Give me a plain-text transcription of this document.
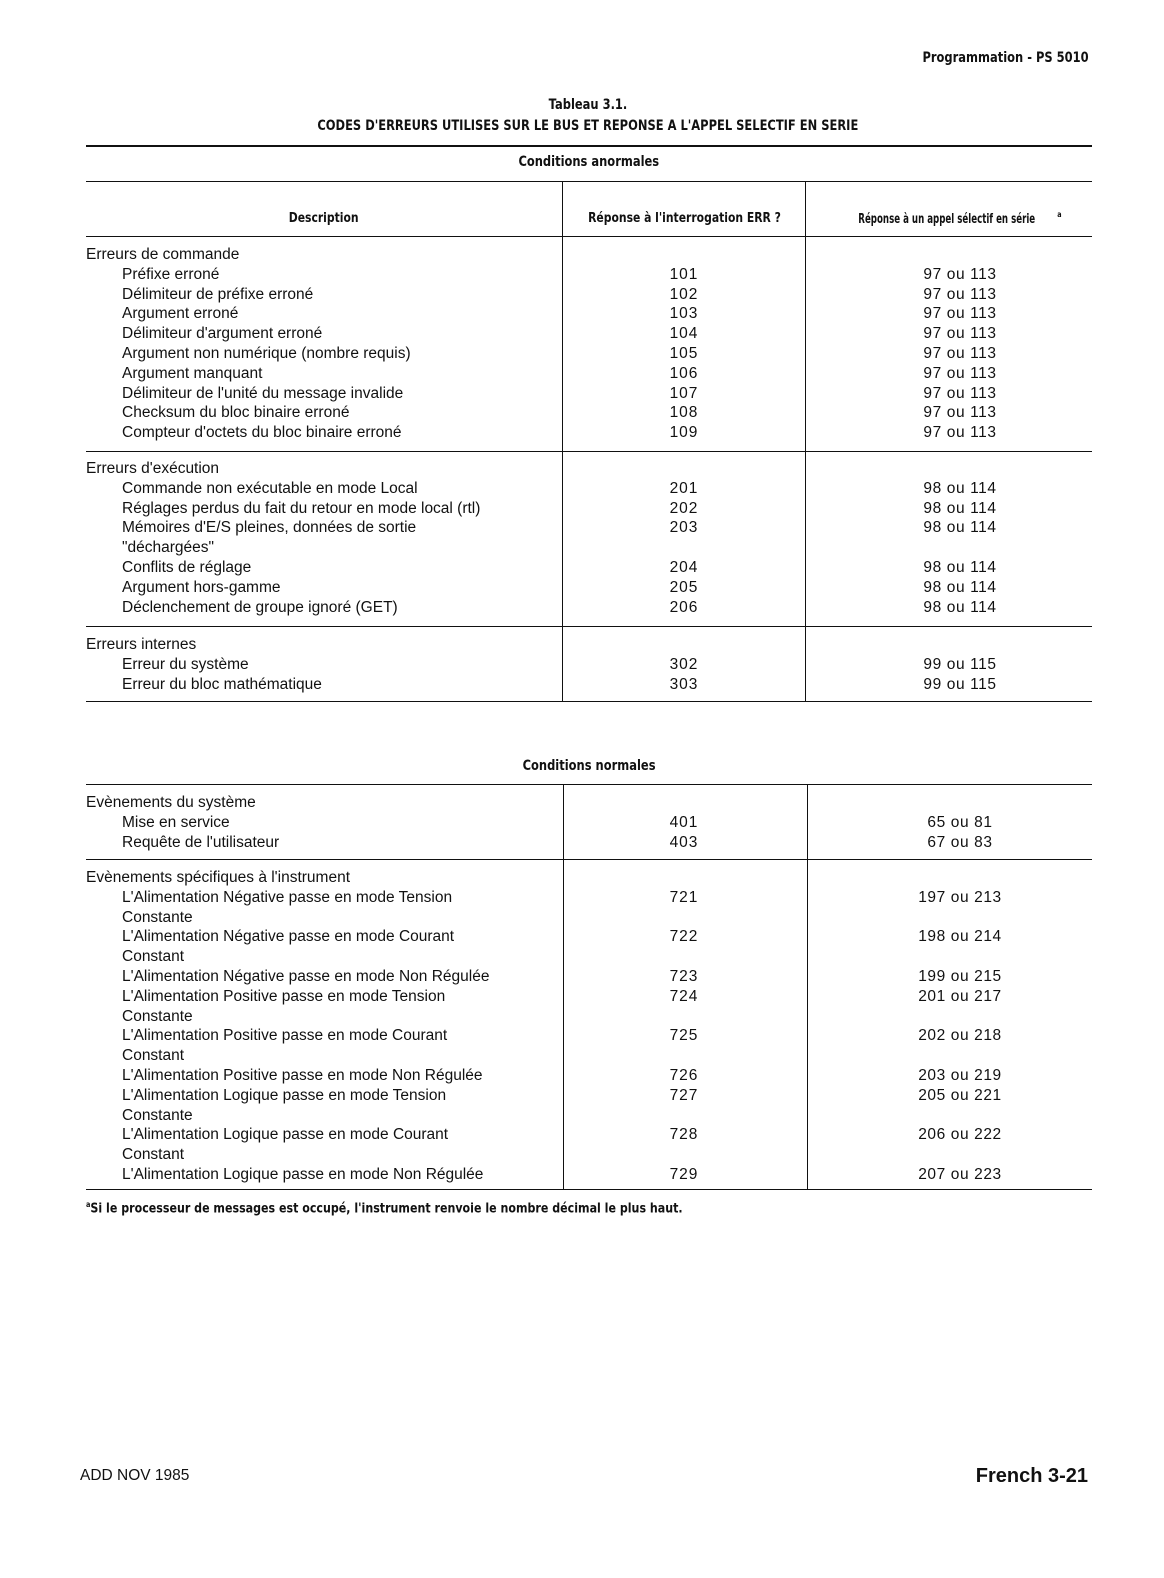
Programmation - PS 5010
Tableau 3.1.
CODES D'ERREURS UTILISES SUR LE BUS ET REPONSE A L'APPEL SELECTIF EN SERIE
Conditions anormales
Description	Réponse à l'interrogation ERR ?	Réponse à un appel sélectif en série	$^a$
Erreurs de commande
Préfixe erroné	101	97 ou 113
Délimiteur de préfixe erroné	102	97 ou 113
Argument erroné	103	97 ou 113
Délimiteur d'argument erroné	104	97 ou 113
Argument non numérique (nombre requis)	105	97 ou 113
Argument manquant	106	97 ou 113
Délimiteur de l'unité du message invalide	107	97 ou 113
Checksum du bloc binaire erroné	108	97 ou 113
Compteur d'octets du bloc binaire erroné	109	97 ou 113
Erreurs d'exécution
Commande non exécutable en mode Local	201	98 ou 114
Réglages perdus du fait du retour en mode local (rtl)	202	98 ou 114
Mémoires d'E/S pleines, données de sortie	203	98 ou 114
"déchargées"
Conflits de réglage	204	98 ou 114
Argument hors-gamme	205	98 ou 114
Déclenchement de groupe ignoré (GET)	206	98 ou 114
Erreurs internes
Erreur du système	302	99 ou 115
Erreur du bloc mathématique	303	99 ou 115
Conditions normales
Evènements du système
Mise en service	401	65 ou 81
Requête de l'utilisateur	403	67 ou 83
Evènements spécifiques à l'instrument
L'Alimentation Négative passe en mode Tension	721	197 ou 213
Constante
L'Alimentation Négative passe en mode Courant	722	198 ou 214
Constant
L'Alimentation Négative passe en mode Non Régulée	723	199 ou 215
L'Alimentation Positive passe en mode Tension	724	201 ou 217
Constante
L'Alimentation Positive passe en mode Courant	725	202 ou 218
Constant
L'Alimentation Positive passe en mode Non Régulée	726	203 ou 219
L'Alimentation Logique passe en mode Tension	727	205 ou 221
Constante
L'Alimentation Logique passe en mode Courant	728	206 ou 222
Constant
L'Alimentation Logique passe en mode Non Régulée	729	207 ou 223
$^a$Si le processeur de messages est occupé, l'instrument renvoie le nombre décimal le plus haut.
ADD NOV 1985	French 3-21
